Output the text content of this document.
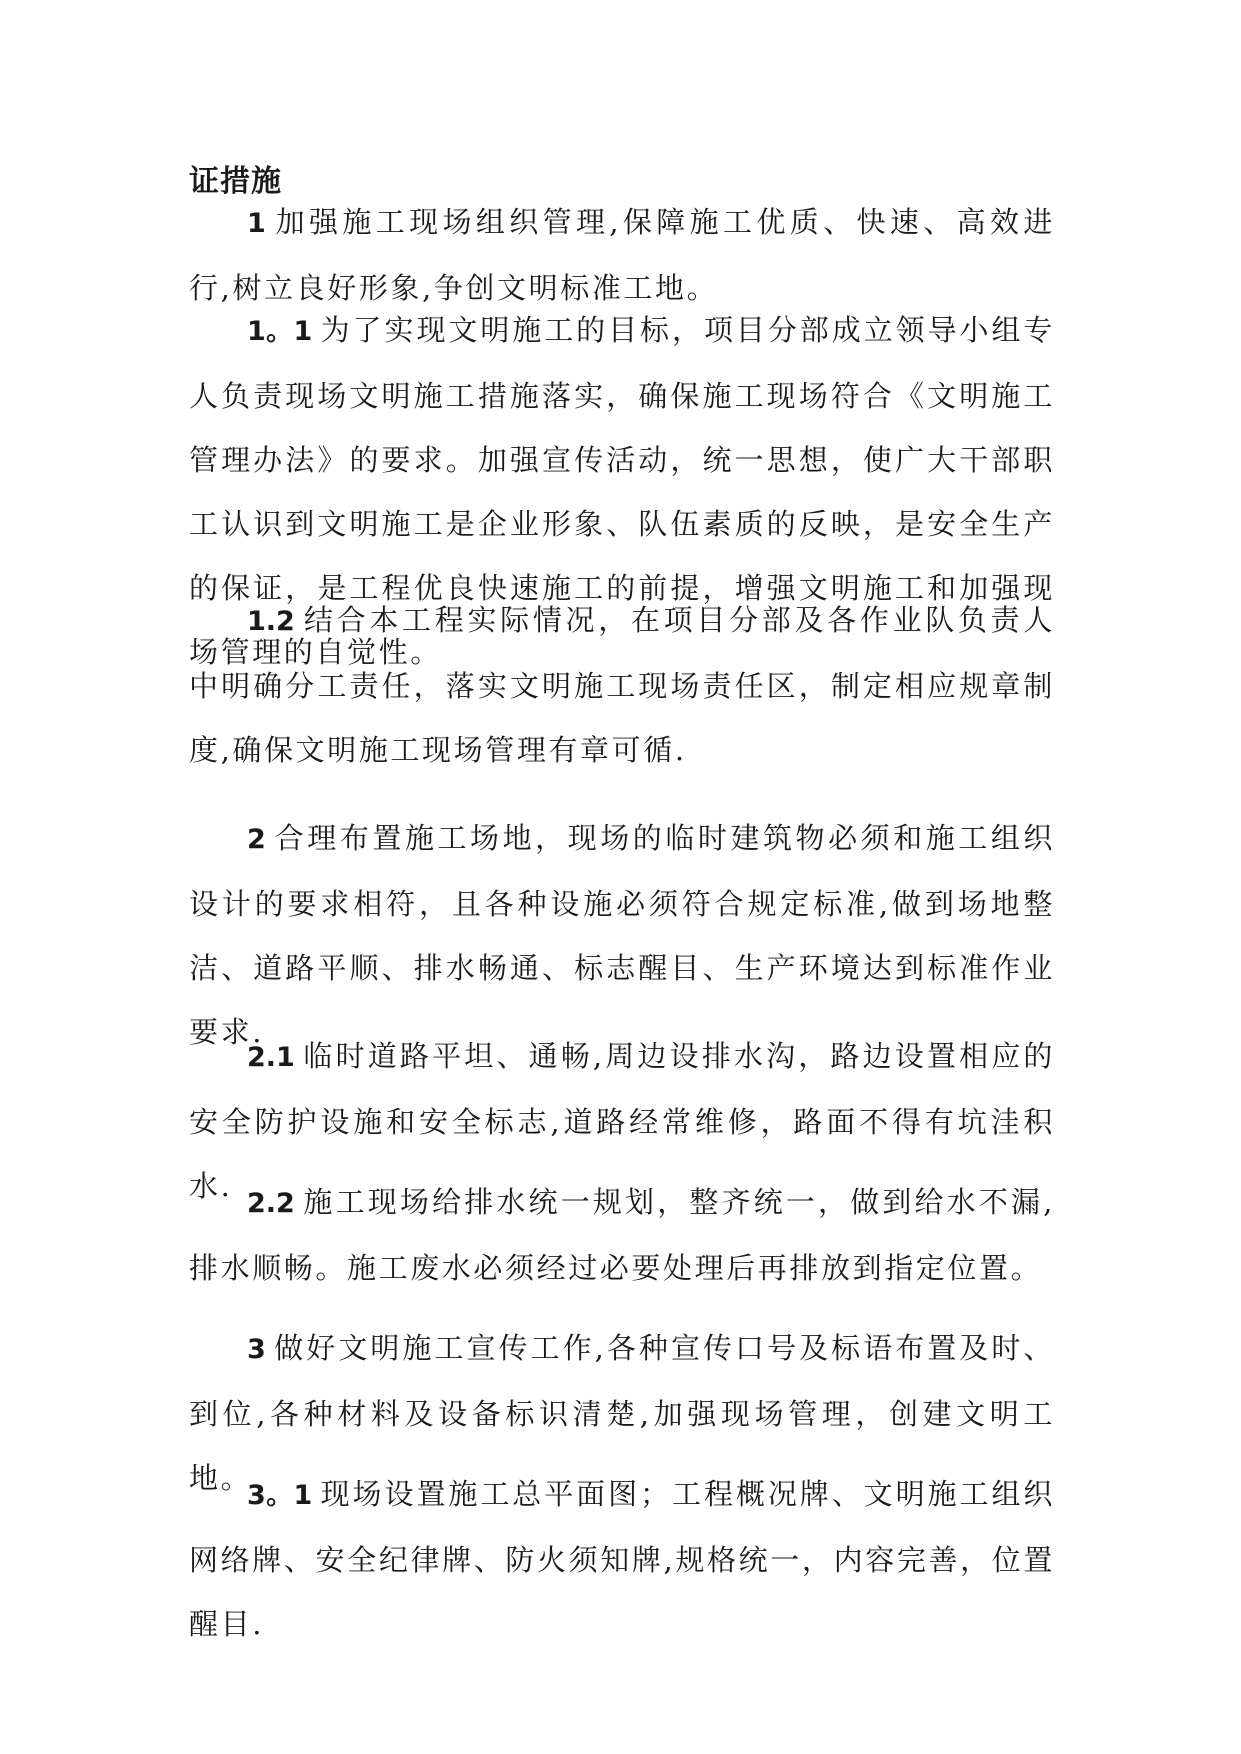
证措施

1 加强施工现场组织管理,保障施工优质、快速、高效进行,树立良好形象,争创文明标准工地。

1。1 为了实现文明施工的目标，项目分部成立领导小组专人负责现场文明施工措施落实，确保施工现场符合《文明施工管理办法》的要求。加强宣传活动，统一思想，使广大干部职工认识到文明施工是企业形象、队伍素质的反映，是安全生产的保证，是工程优良快速施工的前提，增强文明施工和加强现场管理的自觉性。

1.2 结合本工程实际情况，在项目分部及各作业队负责人中明确分工责任，落实文明施工现场责任区，制定相应规章制度,确保文明施工现场管理有章可循.

2 合理布置施工场地，现场的临时建筑物必须和施工组织设计的要求相符，且各种设施必须符合规定标准,做到场地整洁、道路平顺、排水畅通、标志醒目、生产环境达到标准作业要求.

2.1 临时道路平坦、通畅,周边设排水沟，路边设置相应的安全防护设施和安全标志,道路经常维修，路面不得有坑洼积水.

2.2 施工现场给排水统一规划，整齐统一，做到给水不漏,排水顺畅。施工废水必须经过必要处理后再排放到指定位置。

3 做好文明施工宣传工作,各种宣传口号及标语布置及时、到位,各种材料及设备标识清楚,加强现场管理，创建文明工地。

3。1 现场设置施工总平面图；工程概况牌、文明施工组织网络牌、安全纪律牌、防火须知牌,规格统一，内容完善，位置醒目.
